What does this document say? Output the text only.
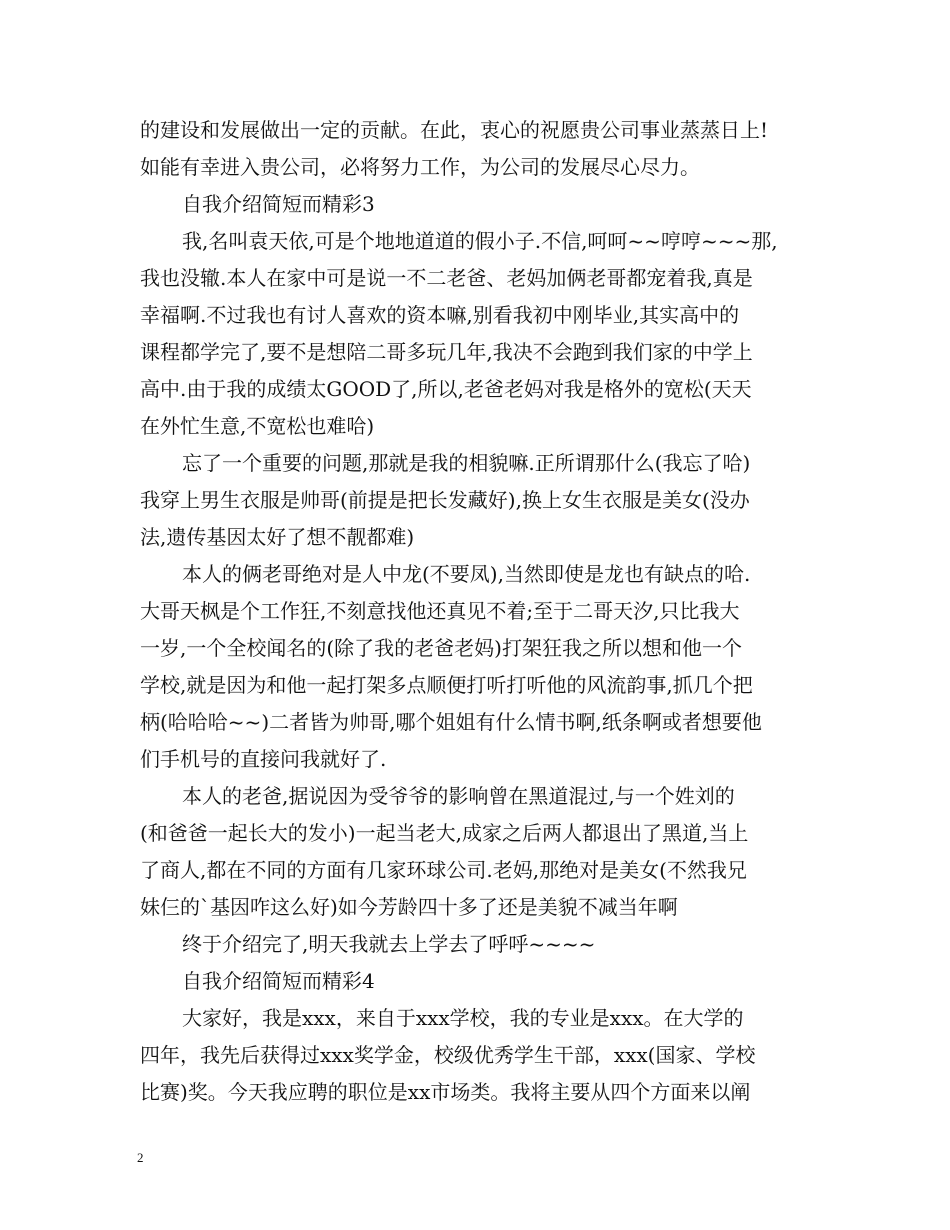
的建设和发展做出一定的贡献。在此，衷心的祝愿贵公司事业蒸蒸日上!
如能有幸进入贵公司，必将努力工作，为公司的发展尽心尽力。
自我介绍简短而精彩3
我,名叫袁天依,可是个地地道道的假小子.不信,呵呵~~哼哼~~~那,
我也没辙.本人在家中可是说一不二老爸、老妈加俩老哥都宠着我,真是
幸福啊.不过我也有讨人喜欢的资本嘛,别看我初中刚毕业,其实高中的
课程都学完了,要不是想陪二哥多玩几年,我决不会跑到我们家的中学上
高中.由于我的成绩太GOOD了,所以,老爸老妈对我是格外的宽松(天天
在外忙生意,不宽松也难哈)
忘了一个重要的问题,那就是我的相貌嘛.正所谓那什么(我忘了哈)
我穿上男生衣服是帅哥(前提是把长发藏好),换上女生衣服是美女(没办
法,遗传基因太好了想不靓都难)
本人的俩老哥绝对是人中龙(不要凤),当然即使是龙也有缺点的哈.
大哥天枫是个工作狂,不刻意找他还真见不着;至于二哥天汐,只比我大
一岁,一个全校闻名的(除了我的老爸老妈)打架狂我之所以想和他一个
学校,就是因为和他一起打架多点顺便打听打听他的风流韵事,抓几个把
柄(哈哈哈~~)二者皆为帅哥,哪个姐姐有什么情书啊,纸条啊或者想要他
们手机号的直接问我就好了.
本人的老爸,据说因为受爷爷的影响曾在黑道混过,与一个姓刘的
(和爸爸一起长大的发小)一起当老大,成家之后两人都退出了黑道,当上
了商人,都在不同的方面有几家环球公司.老妈,那绝对是美女(不然我兄
妹仨的`基因咋这么好)如今芳龄四十多了还是美貌不减当年啊
终于介绍完了,明天我就去上学去了呼呼~~~~
自我介绍简短而精彩4
大家好，我是xxx，来自于xxx学校，我的专业是xxx。在大学的
四年，我先后获得过xxx奖学金，校级优秀学生干部，xxx(国家、学校
比赛)奖。今天我应聘的职位是xx市场类。我将主要从四个方面来以阐
2
